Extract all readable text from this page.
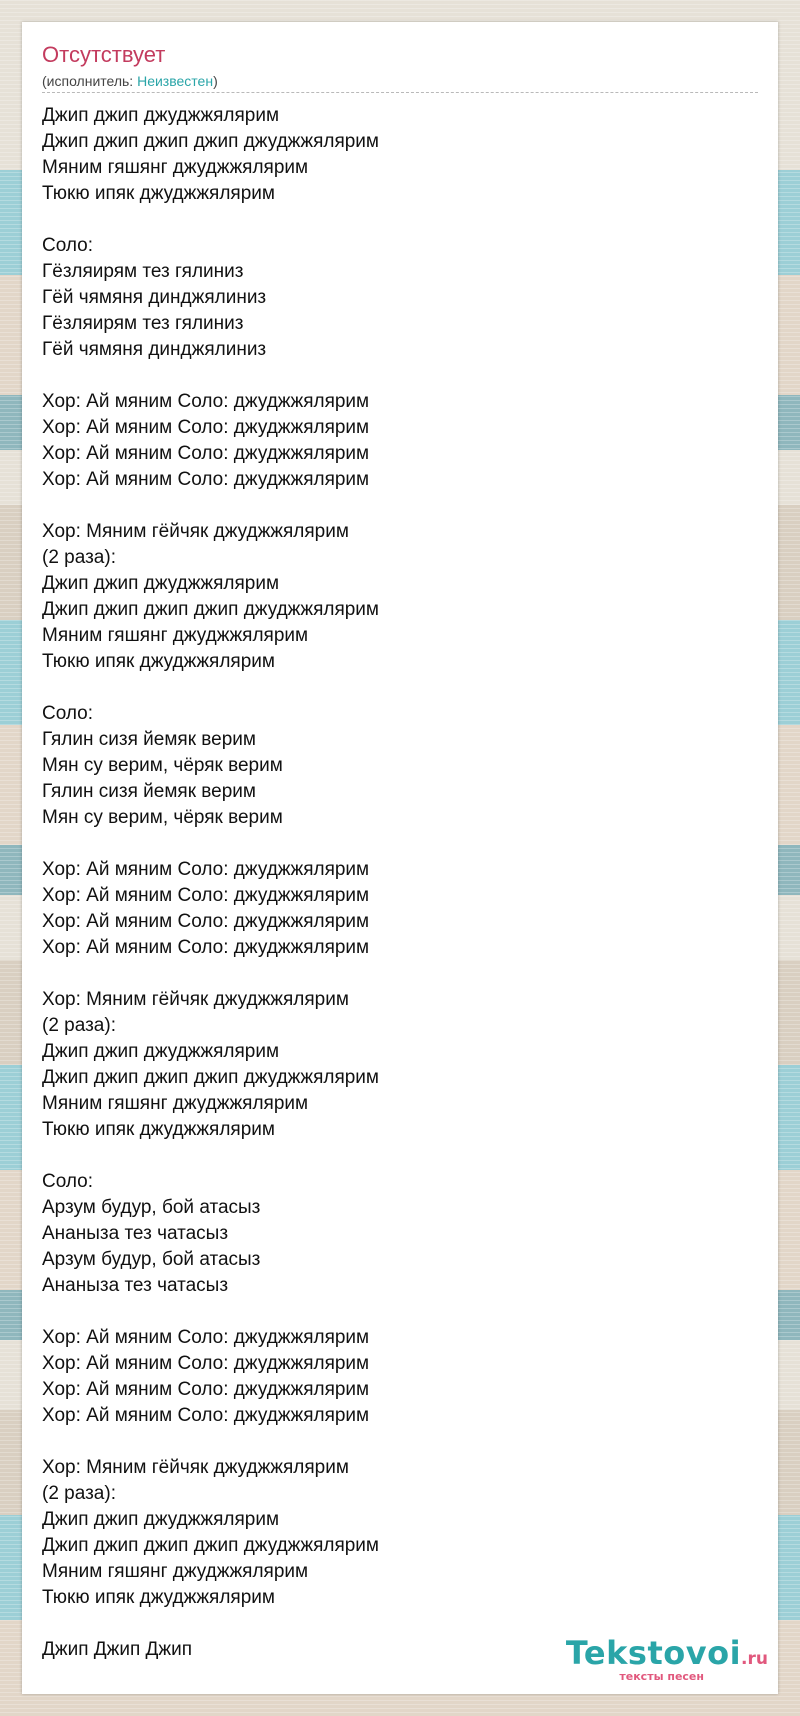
Отсутствует
(исполнитель: Неизвестен)
Джип джип джуджжялярим
Джип джип джип джип джуджжялярим
Мяним гяшянг джуджжялярим
Тюкю ипяк джуджжялярим
Соло:
Гёзляирям тез гялиниз
Гёй чямяня динджялиниз
Гёзляирям тез гялиниз
Гёй чямяня динджялиниз
Хор: Ай мяним Соло: джуджжялярим
Хор: Ай мяним Соло: джуджжялярим
Хор: Ай мяним Соло: джуджжялярим
Хор: Ай мяним Соло: джуджжялярим
Хор: Мяним гёйчяк джуджжялярим
(2 раза):
Джип джип джуджжялярим
Джип джип джип джип джуджжялярим
Мяним гяшянг джуджжялярим
Тюкю ипяк джуджжялярим
Соло:
Гялин сизя йемяк верим
Мян су верим, чёряк верим
Гялин сизя йемяк верим
Мян су верим, чёряк верим
Хор: Ай мяним Соло: джуджжялярим
Хор: Ай мяним Соло: джуджжялярим
Хор: Ай мяним Соло: джуджжялярим
Хор: Ай мяним Соло: джуджжялярим
Хор: Мяним гёйчяк джуджжялярим
(2 раза):
Джип джип джуджжялярим
Джип джип джип джип джуджжялярим
Мяним гяшянг джуджжялярим
Тюкю ипяк джуджжялярим
Соло:
Арзум будур, бой атасыз
Ананыза тез чатасыз
Арзум будур, бой атасыз
Ананыза тез чатасыз
Хор: Ай мяним Соло: джуджжялярим
Хор: Ай мяним Соло: джуджжялярим
Хор: Ай мяним Соло: джуджжялярим
Хор: Ай мяним Соло: джуджжялярим
Хор: Мяним гёйчяк джуджжялярим
(2 раза):
Джип джип джуджжялярим
Джип джип джип джип джуджжялярим
Мяним гяшянг джуджжялярим
Тюкю ипяк джуджжялярим
Джип Джип Джип	Tekstovoi.ru
тексты песен
